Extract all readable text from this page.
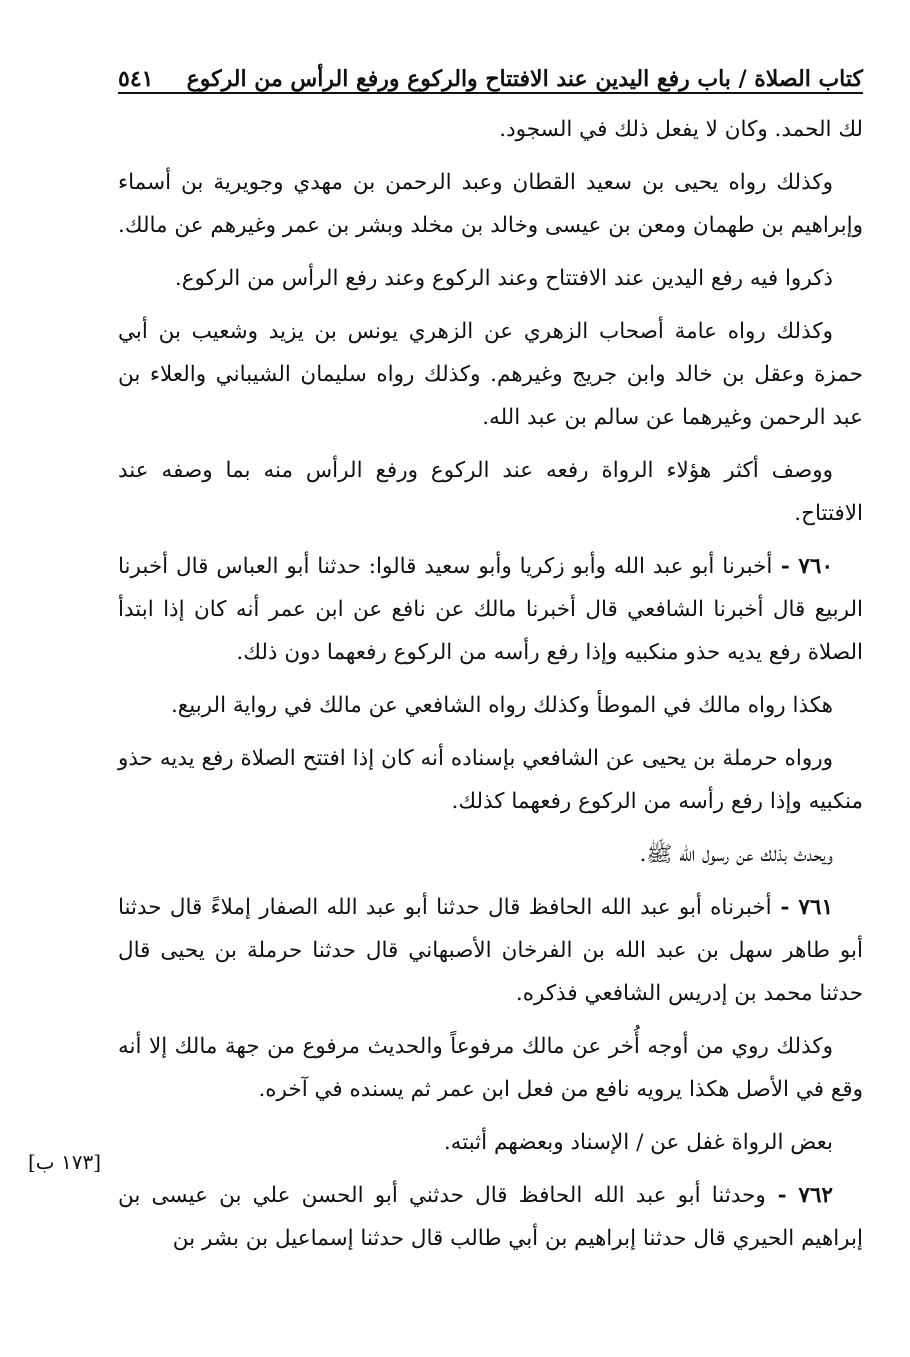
كتاب الصلاة / باب رفع اليدين عند الافتتاح والركوع ورفع الرأس من الركوع
٥٤١

لك الحمد. وكان لا يفعل ذلك في السجود.

وكذلك رواه يحيى بن سعيد القطان وعبد الرحمن بن مهدي وجويرية بن أسماء وإبراهيم بن طهمان ومعن بن عيسى وخالد بن مخلد وبشر بن عمر وغيرهم عن مالك.

ذكروا فيه رفع اليدين عند الافتتاح وعند الركوع وعند رفع الرأس من الركوع.

وكذلك رواه عامة أصحاب الزهري عن الزهري يونس بن يزيد وشعيب بن أبي حمزة وعقل بن خالد وابن جريج وغيرهم. وكذلك رواه سليمان الشيباني والعلاء بن عبد الرحمن وغيرهما عن سالم بن عبد الله.

ووصف أكثر هؤلاء الرواة رفعه عند الركوع ورفع الرأس منه بما وصفه عند الافتتاح.

٧٦٠ - أخبرنا أبو عبد الله وأبو زكريا وأبو سعيد قالوا: حدثنا أبو العباس قال أخبرنا الربيع قال أخبرنا الشافعي قال أخبرنا مالك عن نافع عن ابن عمر أنه كان إذا ابتدأ الصلاة رفع يديه حذو منكبيه وإذا رفع رأسه من الركوع رفعهما دون ذلك.

هكذا رواه مالك في الموطأ وكذلك رواه الشافعي عن مالك في رواية الربيع.

ورواه حرملة بن يحيى عن الشافعي بإسناده أنه كان إذا افتتح الصلاة رفع يديه حذو منكبيه وإذا رفع رأسه من الركوع رفعهما كذلك.

ويحدث بذلك عن رسول الله ﷺ.

٧٦١ - أخبرناه أبو عبد الله الحافظ قال حدثنا أبو عبد الله الصفار إملاءً قال حدثنا أبو طاهر سهل بن عبد الله بن الفرخان الأصبهاني قال حدثنا حرملة بن يحيى قال حدثنا محمد بن إدريس الشافعي فذكره.

وكذلك روي من أوجه أُخر عن مالك مرفوعاً والحديث مرفوع من جهة مالك إلا أنه وقع في الأصل هكذا يرويه نافع من فعل ابن عمر ثم يسنده في آخره.

بعض الرواة غفل عن / الإسناد وبعضهم أثبته.

٧٦٢ - وحدثنا أبو عبد الله الحافظ قال حدثني أبو الحسن علي بن عيسى بن إبراهيم الحيري قال حدثنا إبراهيم بن أبي طالب قال حدثنا إسماعيل بن بشر بن

[١٧٣ ب]
